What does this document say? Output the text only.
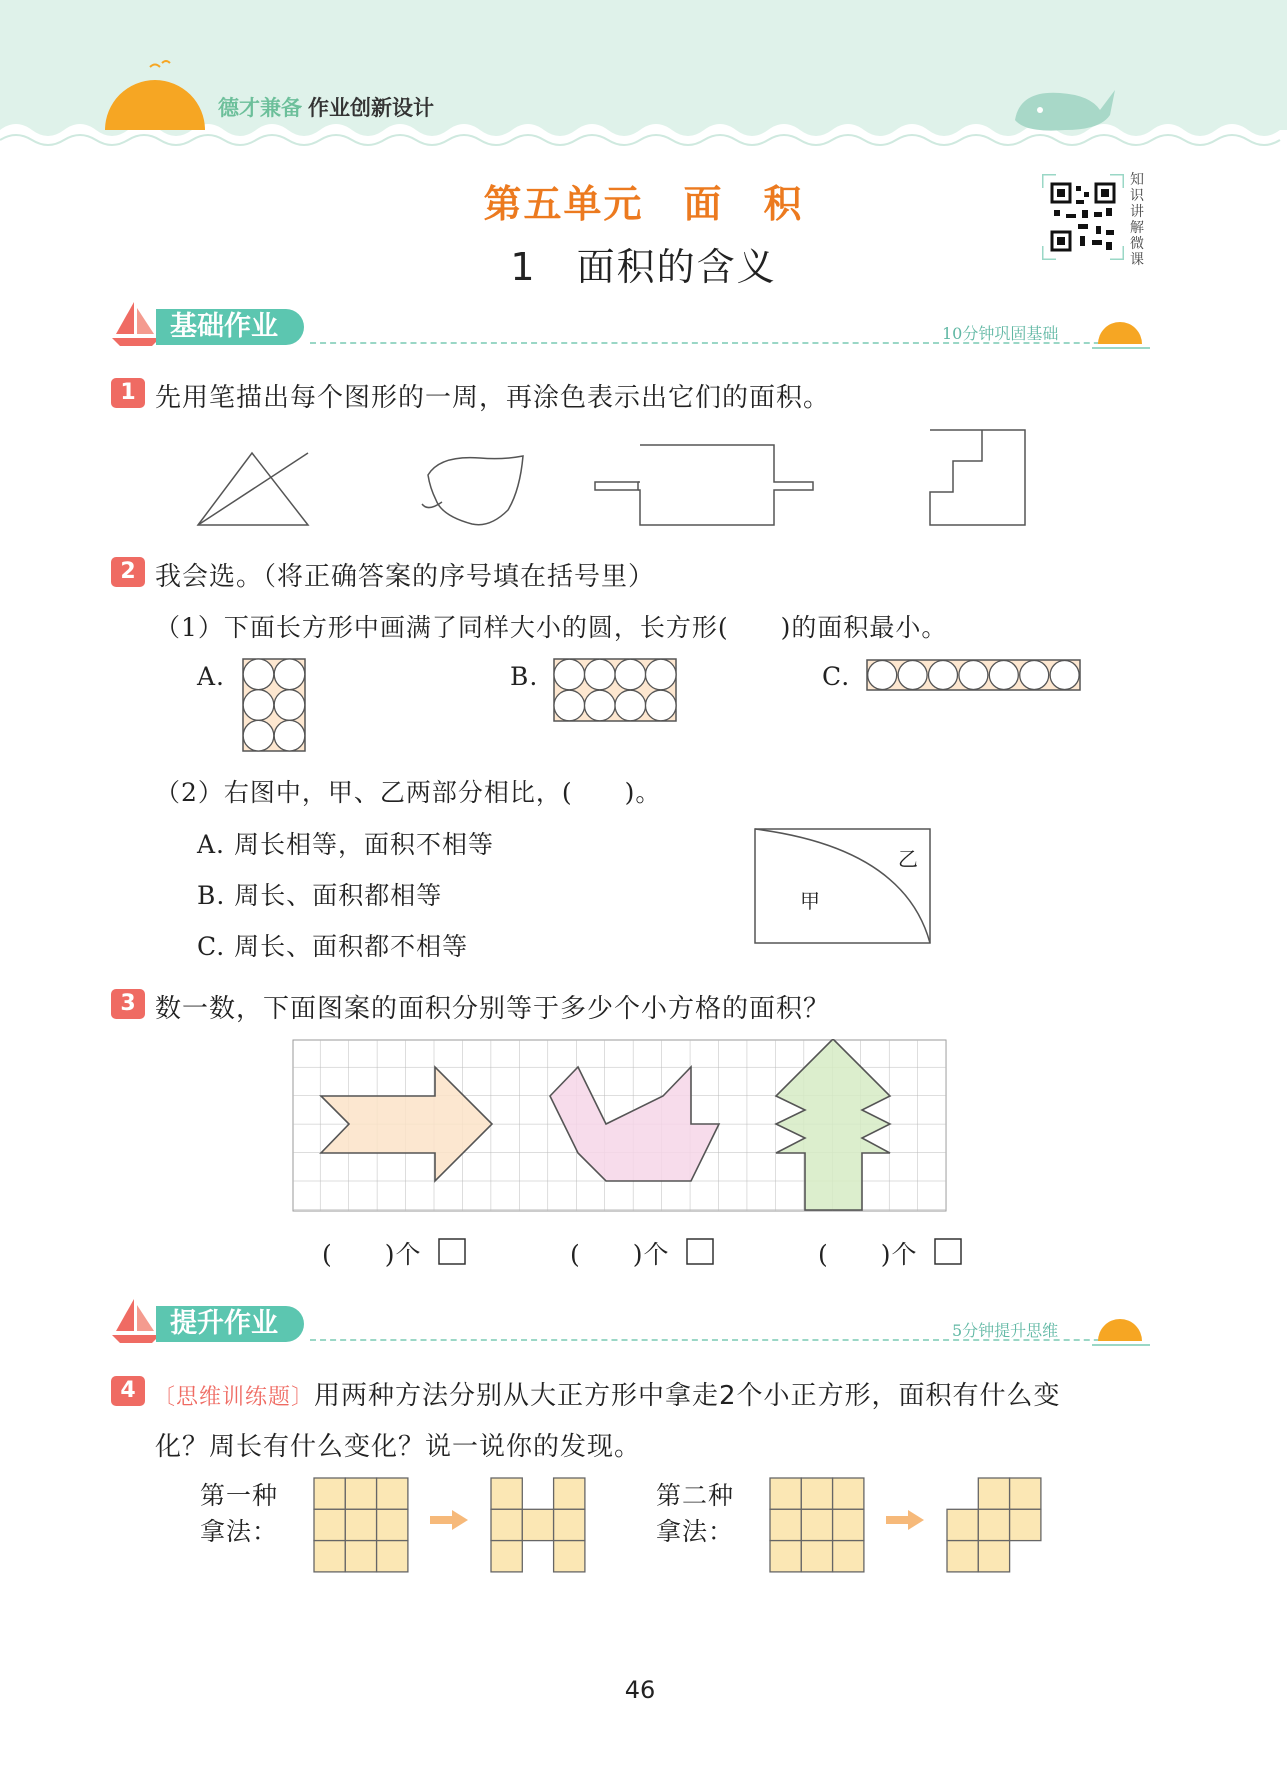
德才兼备 作业创新设计
第五单元　面　积
1　面积的含义
知识讲解微课
基础作业	10分钟巩固基础
1 先用笔描出每个图形的一周，再涂色表示出它们的面积。
2 我会选。（将正确答案的序号填在括号里）
（1）下面长方形中画满了同样大小的圆，长方形(　　)的面积最小。
A.	B.	C.
（2）右图中，甲、乙两部分相比，(　　)。
A. 周长相等，面积不相等
B. 周长、面积都相等
C. 周长、面积都不相等
甲
乙
3 数一数，下面图案的面积分别等于多少个小方格的面积？
(　　)个	(　　)个	(　　)个
提升作业	5分钟提升思维
4 〔思维训练题〕用两种方法分别从大正方形中拿走2个小正方形，面积有什么变
化？周长有什么变化？说一说你的发现。
第一种
拿法：
第二种
拿法：
46
